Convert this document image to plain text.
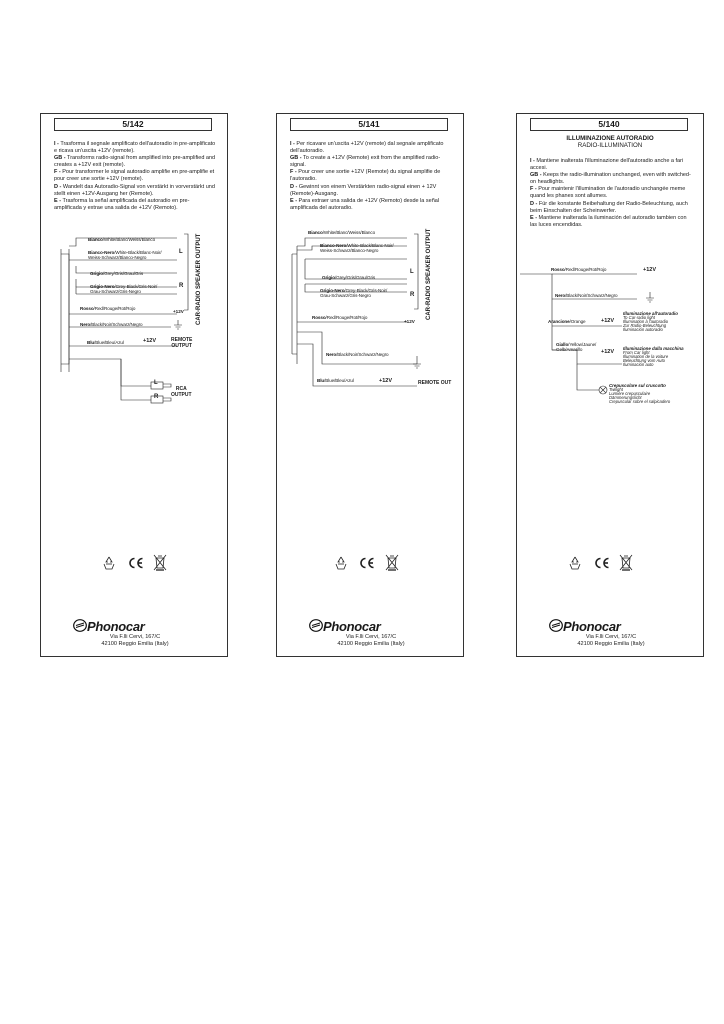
5/142

I - Trasforma il segnale amplificato dell'autoradio in pre-amplificato e ricava un'uscita +12V (remote).

GB - Transforms radio-signal from amplified into pre-amplified and creates a +12V exit (remote).

F - Pour transformer le signal autoradio amplifie en pre-amplifie et pour creer une sortie +12V (remote).

D - Wandelt das Autoradio-Signal von verstärkt in vorverstärkt und stellt einen +12V-Ausgang her (Remote).

E - Trasforma la señal amplificada del autoradio en pre-amplificada y extrae una salida de +12V (Remoto).

Bianco/White/Blanc/Weiss/Blanco
Bianco-Nero/White-Black/Blanc-Noir/
Weiss-Schwarz/Blanco-Negro
Grigio/Grey/Gris/Grau/Gris
Grigio-Nero/Grey-Black/Gris-Noir/
Grau-Schwarz/Gris-Negro
Rosso/Red/Rouge/Rot/Rojo
Nero/Black/Noir/Schwarz/Negro
Blu/Blue/Bleu/Azul
L
R CAR-RADIO SPEAKER OUTPUT
+12V
+12V	REMOTE
OUTPUT
L
R
RCA
OUTPUT
Phonocar
Via F.lli Cervi, 167/C
42100 Reggio Emilia (Italy)
5/141

I - Per ricavare un'uscita +12V (remote) dal segnale amplificato dell'autoradio.

GB - To create a +12V (Remote) exit from the amplified radio-signal.

F - Pour creer une sortie +12V (Remote) du signal amplifie de l'autoradio.

D - Gewinnt von einem Verstärkten radio-signal einen + 12V (Remote)-Ausgang.

E - Para extraer una salida de +12V (Remoto) desde la señal amplificada del autoradio.

Bianco/White/Blanc/Weiss/Blanco
Bianco-Nero/White-Black/Blanc-Noir/
Weiss-Schwarz/Blanco-Negro
Grigio/Grey/Gris/Grau/Gris
Grigio-Nero/Grey-Black/Gris-Noir/
Grau-Schwarz/Gris-Negro
Rosso/Red/Rouge/Rot/Rojo
Nero/Black/Noir/Schwarz/Negro
Blu/Blue/Bleu/Azul
L
R CAR-RADIO SPEAKER OUTPUT
+12V
+12V	REMOTE OUT
Phonocar
Via F.lli Cervi, 167/C
42100 Reggio Emilia (Italy)
5/140
ILLUMINAZIONE AUTORADIO
RADIO-ILLUMINATION

I - Mantiene inalterata l'illuminazione dell'autoradio anche a fari accesi.

GB - Keeps the radio-illumination unchanged, even with switched-on headlights.

F - Pour maintenir l'illumination de l'autoradio unchangée meme quand les phanes sont allumes.

D - Für die konstante Beibehaltung der Radio-Beleuchtung, auch beim Einschalten der Scheinwerfer.

E - Mantiene inalterada la iluminación del autoradio tambien con las luces encendidas.

Rosso/Red/Rouge/Rot/Rojo
Nero/Black/Noir/Schwarz/Negro
Arancione/Orange
Giallo/Yellow/Jaune/
Gelb/Amarillo
+12V
+12V
+12V
Illuminazione all'autoradio
To Car-radio light
Illumination à l'autoradio
Zur Radio-Beleuchtung
Iluminación autoradio
Illuminazione dalla macchina
From Car light
Illumination de la voiture
Beleuchtung vom Auto
Iluminación auto
Crepuscolare sul cruscotto
Twilight
Lumière crepusculaire
Dämmerungslicht
Crepuscular sobre el salpicadero
Phonocar
Via F.lli Cervi, 167/C
42100 Reggio Emilia (Italy)
